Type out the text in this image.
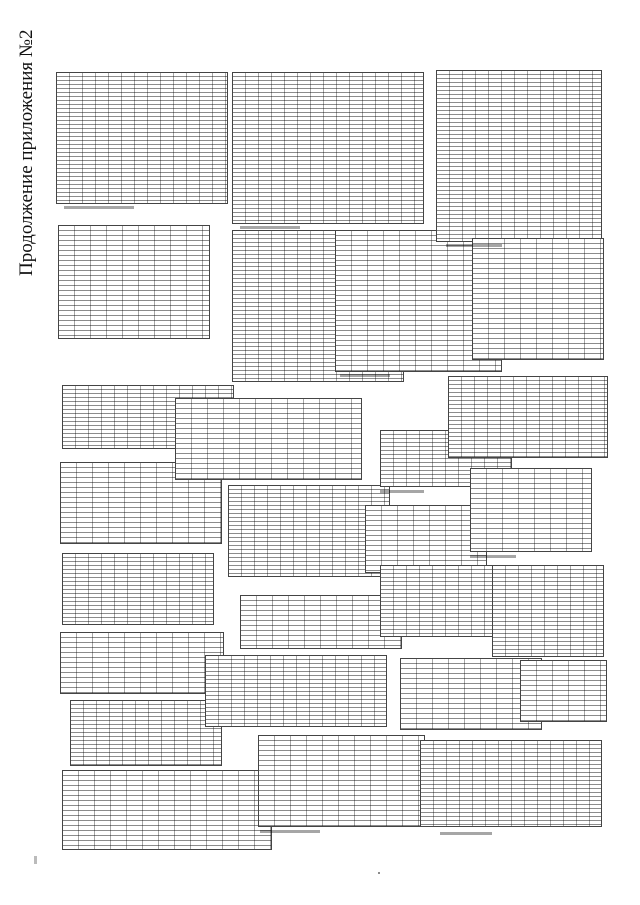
Продолжение приложения №2
